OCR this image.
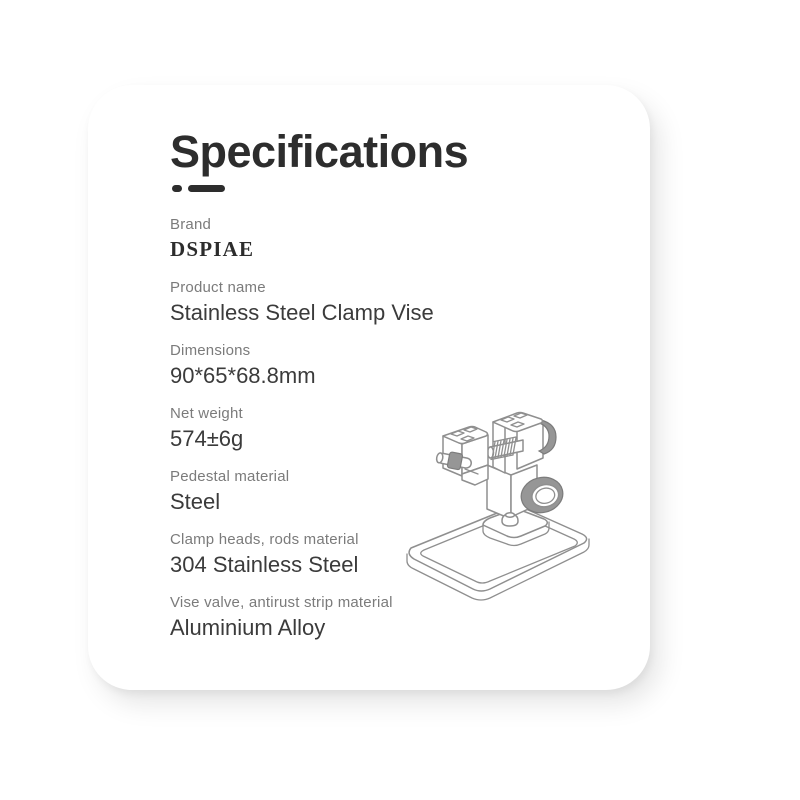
Specifications
Brand
DSPIAE
Product name
Stainless Steel Clamp Vise
Dimensions
90*65*68.8mm
Net weight
574±6g
Pedestal material
Steel
Clamp heads, rods material
304 Stainless Steel
Vise valve, antirust strip material
Aluminium Alloy
